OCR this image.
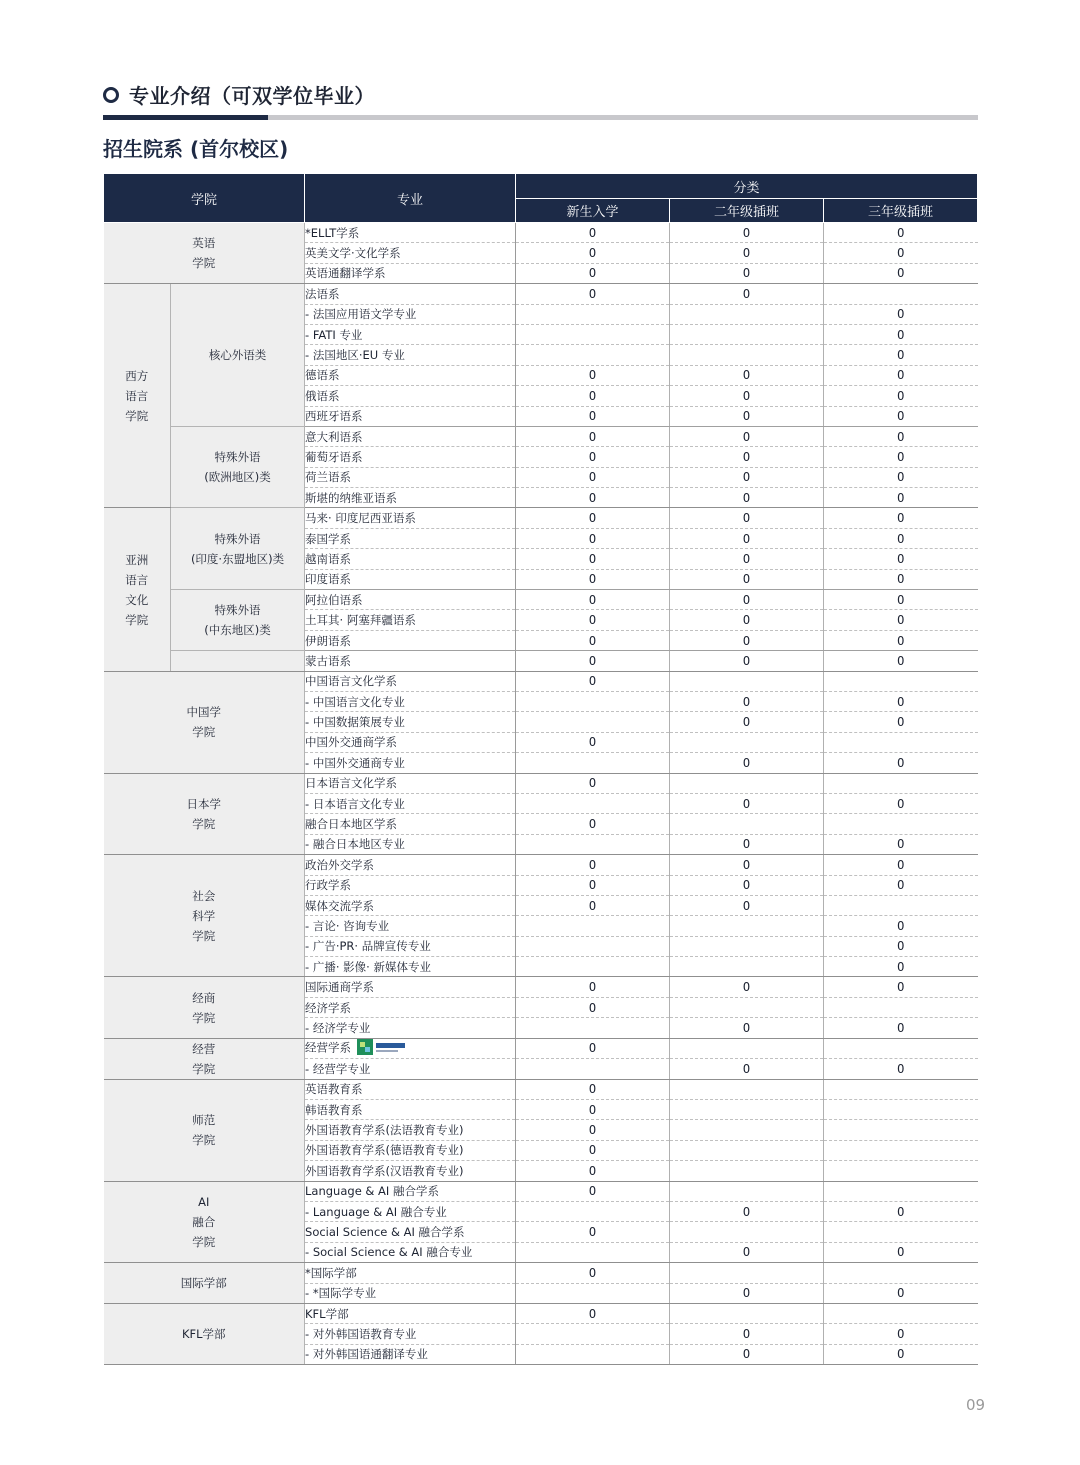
专业介绍（可双学位毕业）
招生院系 (首尔校区)
学院		专业	分类		
			新生入学	二年级插班	三年级插班

英语
学院		*ELLT学系	O	O	O
		英美文学·文化学系	O	O	O
		英语通翻译学系	O	O	O

西方
语言
学院	核心外语类	法语系	O	O	
		- 法国应用语文学专业			O
		- FATI 专业			O
		- 法国地区·EU 专业			O
		德语系	O	O	O
		俄语系	O	O	O
		西班牙语系	O	O	O

	特殊外语
(欧洲地区)类	意大利语系	O	O	O
		葡萄牙语系	O	O	O
		荷兰语系	O	O	O
		斯堪的纳维亚语系	O	O	O

亚洲
语言
文化
学院	特殊外语
(印度·东盟地区)类	马来· 印度尼西亚语系	O	O	O
		泰国学系	O	O	O
		越南语系	O	O	O
		印度语系	O	O	O

	特殊外语
(中东地区)类	阿拉伯语系	O	O	O
		土耳其· 阿塞拜疆语系	O	O	O
		伊朗语系	O	O	O
		蒙古语系	O	O	O

中国学
学院		中国语言文化学系	O		
		- 中国语言文化专业		O	O
		- 中国数据策展专业		O	O
		中国外交通商学系	O		
		- 中国外交通商专业		O	O

日本学
学院		日本语言文化学系	O		
		- 日本语言文化专业		O	O
		融合日本地区学系	O		
		- 融合日本地区专业		O	O

社会
科学
学院		政治外交学系	O	O	O
		行政学系	O	O	O
		媒体交流学系	O	O	
		- 言论· 咨询专业			O
		- 广告·PR· 品牌宣传专业			O
		- 广播· 影像· 新媒体专业			O

经商
学院		国际通商学系	O	O	O
		经济学系	O		
		- 经济学专业		O	O

经营
学院		经营学系	O		
		- 经营学专业		O	O

师范
学院		英语教育系	O		
		韩语教育系	O		
		外国语教育学系(法语教育专业)	O		
		外国语教育学系(德语教育专业)	O		
		外国语教育学系(汉语教育专业)	O		

AI
融合
学院		Language & AI 融合学系	O		
		- Language & AI 融合专业		O	O
		Social Science & AI 融合学系	O		
		- Social Science & AI 融合专业		O	O

国际学部		*国际学部	O		
		- *国际学专业		O	O

KFL学部		KFL学部	O		
		- 对外韩国语教育专业		O	O
		- 对外韩国语通翻译专业		O	O
09
